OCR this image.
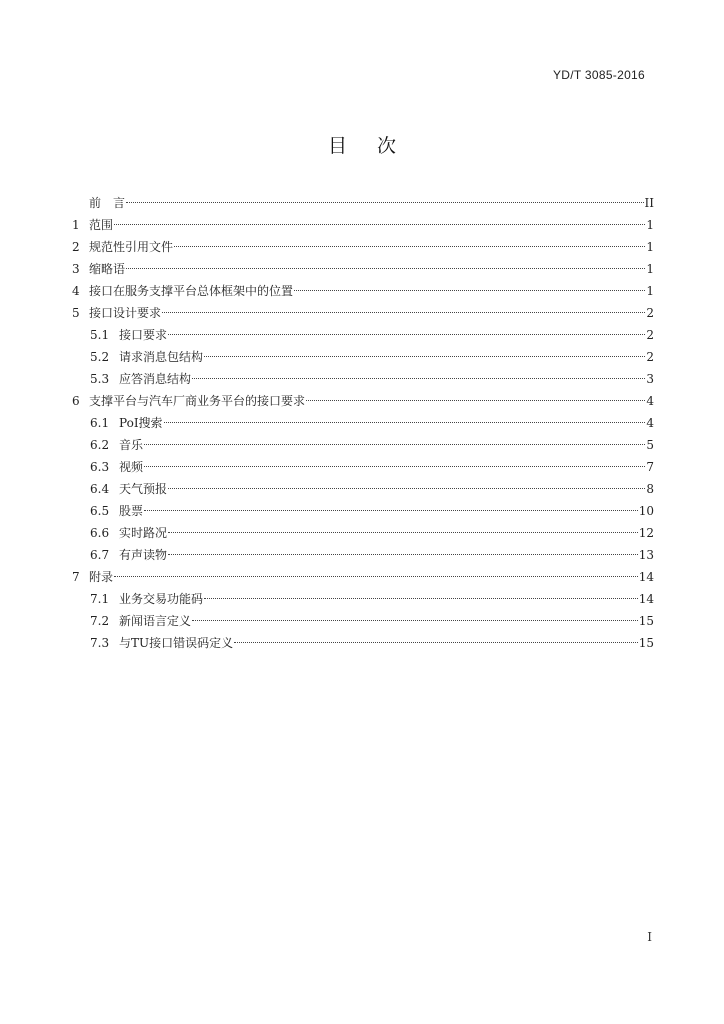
YD/T 3085-2016
目次
前　言	II
1 范围	1
2 规范性引用文件	1
3 缩略语	1
4 接口在服务支撑平台总体框架中的位置	1
5 接口设计要求	2
5.1 接口要求	2
5.2 请求消息包结构	2
5.3 应答消息结构	3
6 支撑平台与汽车厂商业务平台的接口要求	4
6.1 PoI搜索	4
6.2 音乐	5
6.3 视频	7
6.4 天气预报	8
6.5 股票	10
6.6 实时路况	12
6.7 有声读物	13
7 附录	14
7.1 业务交易功能码	14
7.2 新闻语言定义	15
7.3 与TU接口错误码定义	15
I
